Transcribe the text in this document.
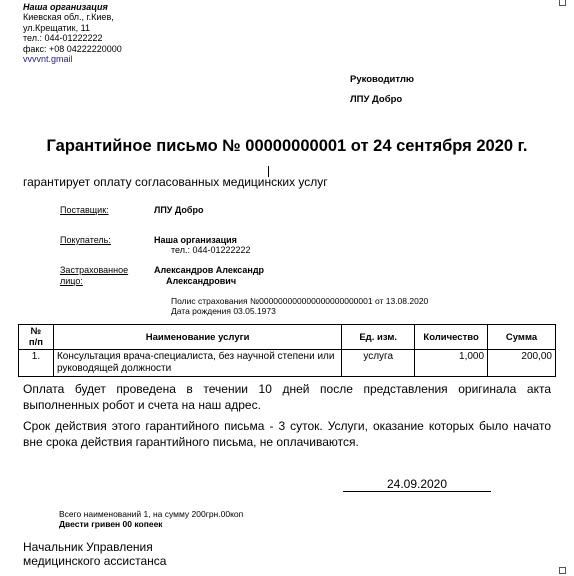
Наша организация
Киевская обл., г.Киев,
ул.Крещатик, 11
тел.: 044-01222222
факс: +08 04222220000
vvvvnt.gmail
Руководитлю
ЛПУ Добро
Гарантийное письмо № 00000000001 от 24 сентября 2020 г.
гарантирует оплату согласованных медицинских услуг
Поставщик:	ЛПУ Добро
Покупатель:	Наша организация
тел.: 044-01222222
Застрахованное
лицо:
Александров Александр
Александрович
Полис страхования №000000000000000000000001 от 13.08.2020
Дата рождения 03.05.1973
№
п/п	Наименование услуги	Ед. изм.	Количество	Сумма
1.	Консультация врача-специалиста, без научной степени или руководящей должности	услуга	1,000	200,00
Оплата будет проведена в течении 10 дней после представления оригинала акта выполненных робот и счета на наш адрес.
Срок действия этого гарантийного письма - 3 суток. Услуги, оказание которых было начато вне срока действия гарантийного письма, не оплачиваются.
24.09.2020
Всего наименований 1, на сумму 200грн.00коп
Двести гривен 00 копеек
Начальник Управления
медицинского ассистанса
